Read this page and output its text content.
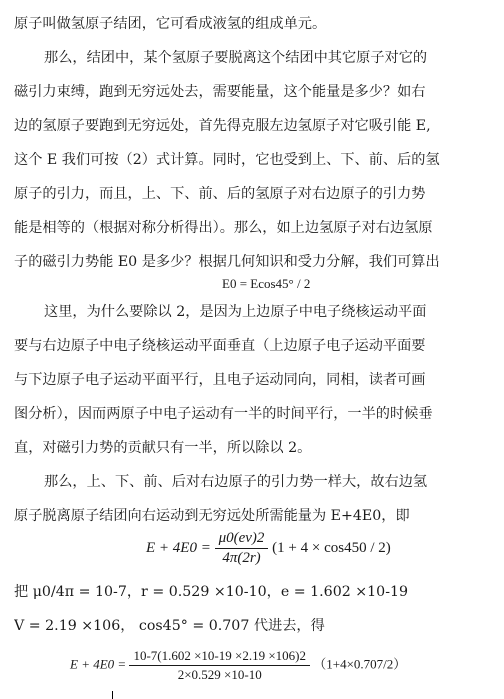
原子叫做氢原子结团，它可看成液氢的组成单元。
那么，结团中，某个氢原子要脱离这个结团中其它原子对它的
磁引力束缚，跑到无穷远处去，需要能量，这个能量是多少？如右
边的氢原子要跑到无穷远处，首先得克服左边氢原子对它吸引能 E,
这个 E 我们可按（2）式计算。同时，它也受到上、下、前、后的氢
原子的引力，而且，上、下、前、后的氢原子对右边原子的引力势
能是相等的（根据对称分析得出）。那么，如上边氢原子对右边氢原
子的磁引力势能 E0 是多少？根据几何知识和受力分解，我们可算出
E0 = Ecos45° / 2
这里，为什么要除以 2，是因为上边原子中电子绕核运动平面
要与右边原子中电子绕核运动平面垂直（上边原子电子运动平面要
与下边原子电子运动平面平行，且电子运动同向，同相，读者可画
图分析），因而两原子中电子运动有一半的时间平行，一半的时候垂
直，对磁引力势的贡献只有一半，所以除以 2。
那么，上、下、前、后对右边原子的引力势一样大，故右边氢
原子脱离原子结团向右运动到无穷远处所需能量为 E+4E0，即
$E + 4E0 = \frac{\mu 0(ev)2}{4\pi(2r)} (1 + 4 \times \cos 450 / 2)$
把 μ0/4π = 10-7，r = 0.529 ×10-10，e = 1.602 ×10-19
V = 2.19 ×106， cos45° = 0.707 代进去，得
$E + 4E0 = \frac{10-7(1.602 \times 10-19 \times 2.19 \times 106)2}{2\times 0.529 \times 10-10} (1+4\times 0.707/2)$
